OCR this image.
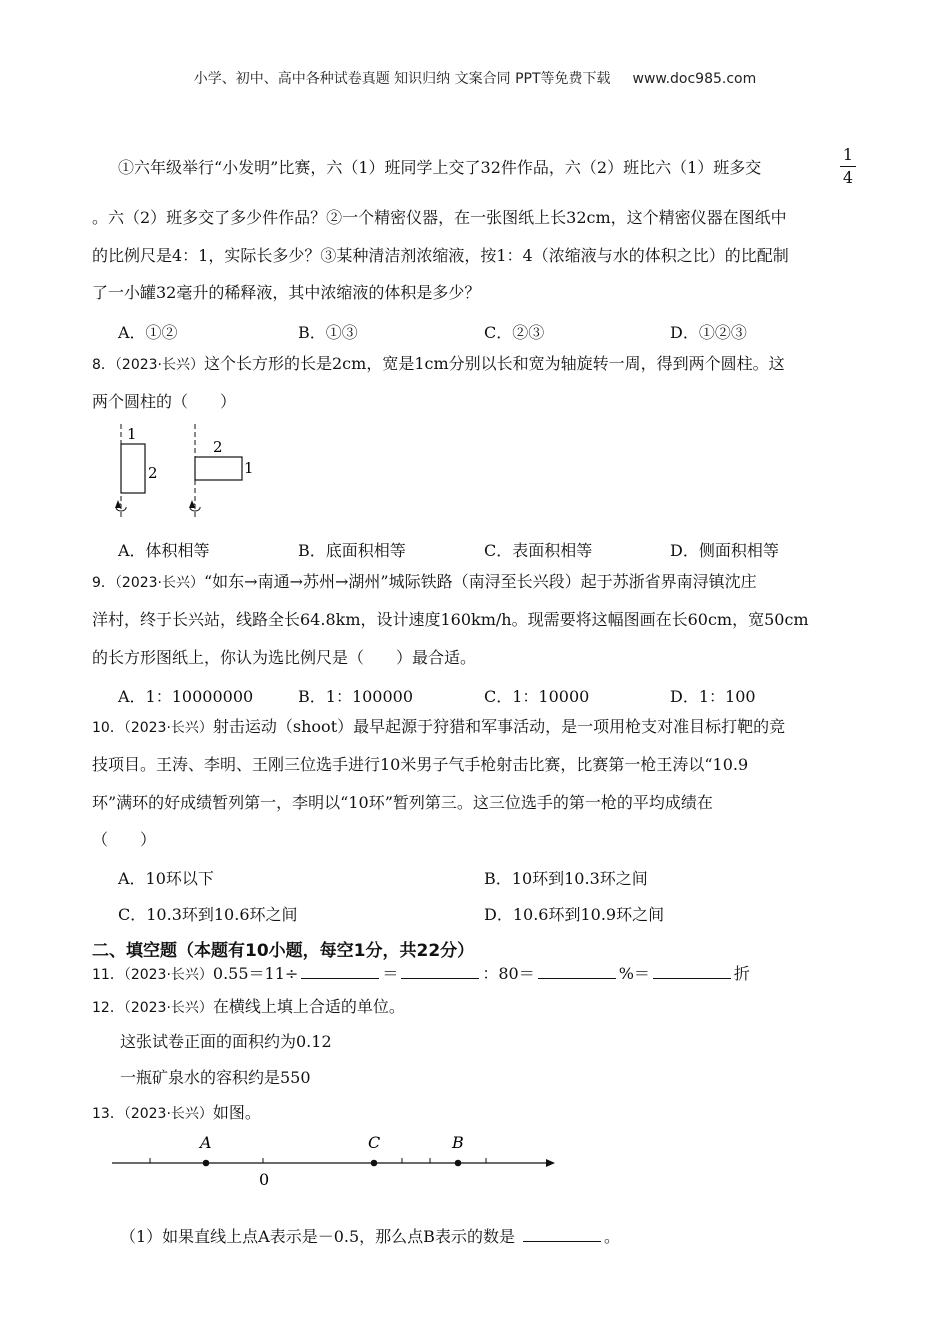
小学、初中、高中各种试卷真题 知识归纳 文案合同 PPT等免费下载 www.doc985.com
①六年级举行“小发明”比赛，六（1）班同学上交了32件作品，六（2）班比六（1）班多交
1
4
。六（2）班多交了多少件作品？②一个精密仪器，在一张图纸上长32cm，这个精密仪器在图纸中
的比例尺是4：1，实际长多少？③某种清洁剂浓缩液，按1：4（浓缩液与水的体积之比）的比配制
了一小罐32毫升的稀释液，其中浓缩液的体积是多少？
A．①②	B．①③	C．②③	D．①②③
8．（2023·长兴）这个长方形的长是2cm，宽是1cm分别以长和宽为轴旋转一周，得到两个圆柱。这
两个圆柱的（　　）
1
2
2
1
A．体积相等	B．底面积相等	C．表面积相等	D．侧面积相等
9．（2023·长兴）“如东→南通→苏州→湖州”城际铁路（南浔至长兴段）起于苏浙省界南浔镇沈庄
洋村，终于长兴站，线路全长64.8km，设计速度160km/h。现需要将这幅图画在长60cm，宽50cm
的长方形图纸上，你认为选比例尺是（　　）最合适。
A．1：10000000	B．1：100000	C．1：10000	D．1：100
10．（2023·长兴）射击运动（shoot）最早起源于狩猎和军事活动，是一项用枪支对准目标打靶的竞
技项目。王涛、李明、王刚三位选手进行10米男子气手枪射击比赛，比赛第一枪王涛以“10.9
环”满环的好成绩暂列第一，李明以“10环”暂列第三。这三位选手的第一枪的平均成绩在
（　　）
A．10环以下	B．10环到10.3环之间
C．10.3环到10.6环之间	D．10.6环到10.9环之间
二、填空题（本题有10小题，每空1分，共22分）
11．（2023·长兴）0.55＝11÷	＝	：80＝	%＝	折
12．（2023·长兴）在横线上填上合适的单位。
这张试卷正面的面积约为0.12
一瓶矿泉水的容积约是550
13．（2023·长兴）如图。
A	C	B
0
（1）如果直线上点A表示是－0.5，那么点B表示的数是	。
